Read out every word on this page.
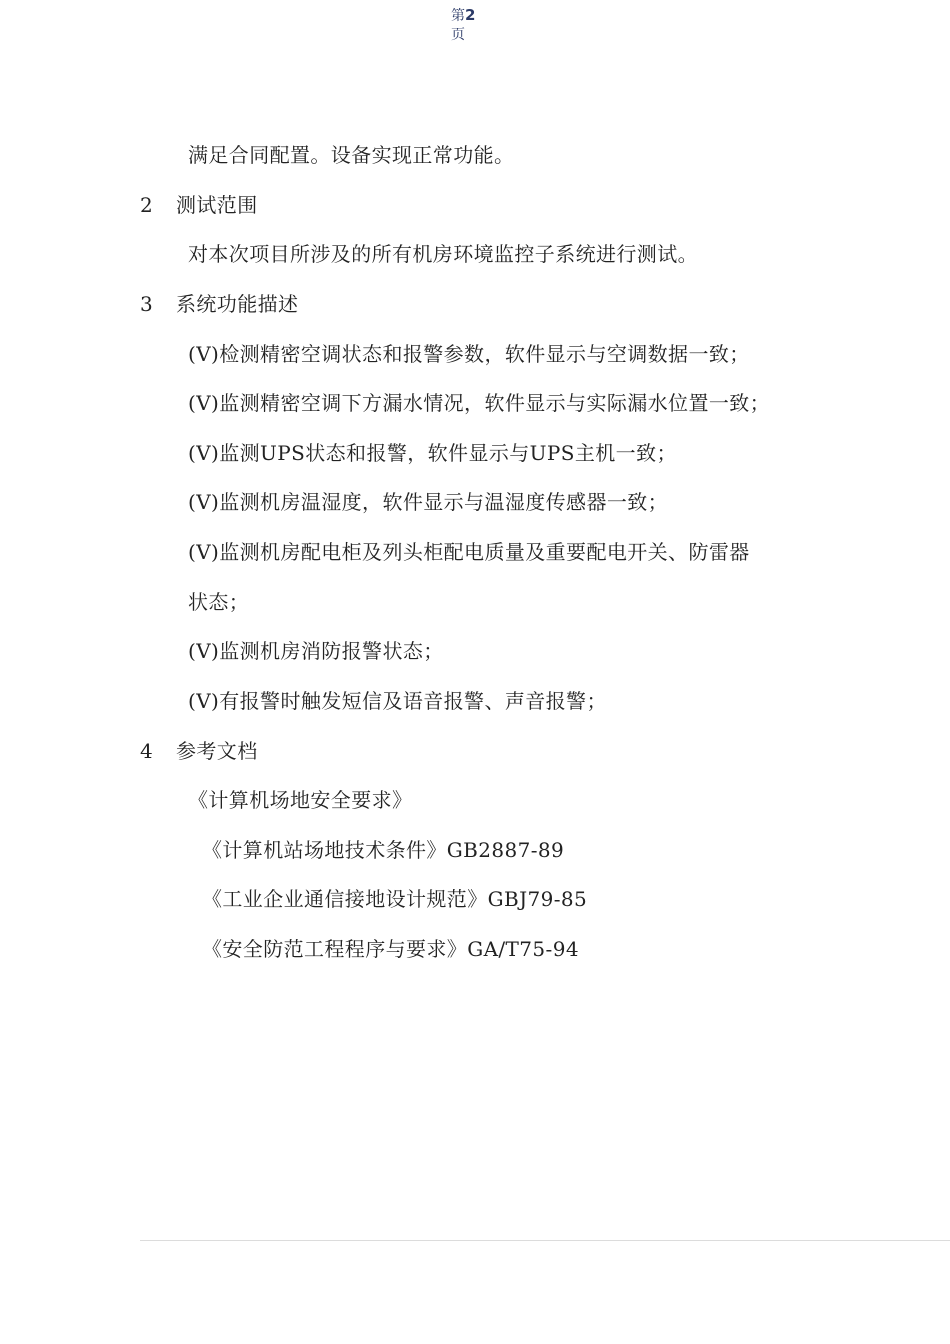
第2
页
满足合同配置。设备实现正常功能。
2 测试范围
对本次项目所涉及的所有机房环境监控子系统进行测试。
3 系统功能描述
(V)检测精密空调状态和报警参数，软件显示与空调数据一致；
(V)监测精密空调下方漏水情况，软件显示与实际漏水位置一致；
(V)监测UPS状态和报警，软件显示与UPS主机一致；
(V)监测机房温湿度，软件显示与温湿度传感器一致；
(V)监测机房配电柜及列头柜配电质量及重要配电开关、防雷器
状态；
(V)监测机房消防报警状态；
(V)有报警时触发短信及语音报警、声音报警；
4 参考文档
《计算机场地安全要求》
《计算机站场地技术条件》GB2887-89
《工业企业通信接地设计规范》GBJ79-85
《安全防范工程程序与要求》GA/T75-94
